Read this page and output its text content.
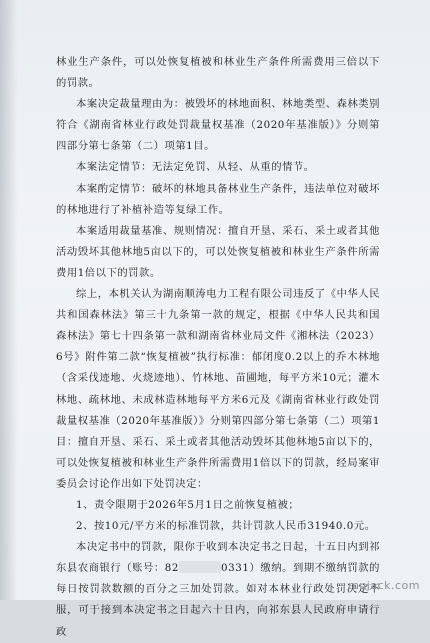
林业生产条件，可以处恢复植被和林业生产条件所需费用三倍以下的罚款。

本案决定裁量理由为：被毁坏的林地面积、林地类型、森林类别符合《湖南省林业行政处罚裁量权基准（2020年基准版）》分则第四部分第七条第（二）项第1目。

本案法定情节：无法定免罚、从轻、从重的情节。

本案酌定情节：破坏的林地具备林业生产条件，违法单位对破坏的林地进行了补植补造等复绿工作。

本案适用裁量基准、规则情况：擅自开垦、采石、采土或者其他活动毁坏其他林地5亩以下的，可以处恢复植被和林业生产条件所需费用1倍以下的罚款。

综上，本机关认为湖南顺涛电力工程有限公司违反了《中华人民共和国森林法》第三十九条第一款的规定，根据《中华人民共和国森林法》第七十四条第一款和湖南省林业局文件《湘林法（2023）6号》附件第二款“恢复植被”执行标准：郁闭度0.2以上的乔木林地（含采伐迹地、火烧迹地）、竹林地、苗圃地，每平方米10元；灌木林地、疏林地、未成林造林地每平方米6元及《湖南省林业行政处罚裁量权基准（2020年基准版）》分则第四部分第七条第（二）项第1目：擅自开垦、采石、采土或者其他活动毁坏其他林地5亩以下的，可以处恢复植被和林业生产条件所需费用1倍以下的罚款，经局案审委员会讨论作出如下处罚决定：

1、责令限期于2026年5月1日之前恢复植被；

2、按10元/平方米的标准罚款，共计罚款人民币31940.0元。

本决定书中的罚款，限你于收到本决定书之日起，十五日内到祁东县农商银行（账号：82	0331）缴纳。到期不缴纳罚款的每日按罚款数额的百分之三加处罚款。如对本林业行政处罚决定不服，可于接到本决定书之日起六十日内，向祁东县人民政府申请行政

mujack.com
